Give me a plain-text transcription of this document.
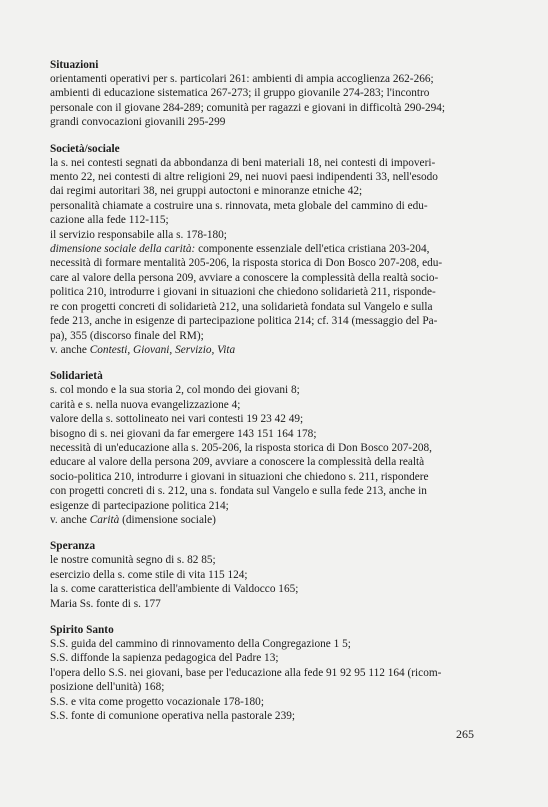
Situazioni
orientamenti operativi per s. particolari 261: ambienti di ampia accoglienza 262-266;
ambienti di educazione sistematica 267-273; il gruppo giovanile 274-283; l'incontro
personale con il giovane 284-289; comunità per ragazzi e giovani in difficoltà 290-294;
grandi convocazioni giovanili 295-299
Società/sociale
la s. nei contesti segnati da abbondanza di beni materiali 18, nei contesti di impoveri-
mento 22, nei contesti di altre religioni 29, nei nuovi paesi indipendenti 33, nell'esodo
dai regimi autoritari 38, nei gruppi autoctoni e minoranze etniche 42;
personalità chiamate a costruire una s. rinnovata, meta globale del cammino di edu-
cazione alla fede 112-115;
il servizio responsabile alla s. 178-180;
dimensione sociale della carità: componente essenziale dell'etica cristiana 203-204,
necessità di formare mentalità 205-206, la risposta storica di Don Bosco 207-208, edu-
care al valore della persona 209, avviare a conoscere la complessità della realtà socio-
politica 210, introdurre i giovani in situazioni che chiedono solidarietà 211, risponde-
re con progetti concreti di solidarietà 212, una solidarietà fondata sul Vangelo e sulla
fede 213, anche in esigenze di partecipazione politica 214; cf. 314 (messaggio del Pa-
pa), 355 (discorso finale del RM);
v. anche Contesti, Giovani, Servizio, Vita
Solidarietà
s. col mondo e la sua storia 2, col mondo dei giovani 8;
carità e s. nella nuova evangelizzazione 4;
valore della s. sottolineato nei vari contesti 19 23 42 49;
bisogno di s. nei giovani da far emergere 143 151 164 178;
necessità di un'educazione alla s. 205-206, la risposta storica di Don Bosco 207-208,
educare al valore della persona 209, avviare a conoscere la complessità della realtà
socio-politica 210, introdurre i giovani in situazioni che chiedono s. 211, rispondere
con progetti concreti di s. 212, una s. fondata sul Vangelo e sulla fede 213, anche in
esigenze di partecipazione politica 214;
v. anche Carità (dimensione sociale)
Speranza
le nostre comunità segno di s. 82 85;
esercizio della s. come stile di vita 115 124;
la s. come caratteristica dell'ambiente di Valdocco 165;
Maria Ss. fonte di s. 177
Spirito Santo
S.S. guida del cammino di rinnovamento della Congregazione 1 5;
S.S. diffonde la sapienza pedagogica del Padre 13;
l'opera dello S.S. nei giovani, base per l'educazione alla fede 91 92 95 112 164 (ricom-
posizione dell'unità) 168;
S.S. e vita come progetto vocazionale 178-180;
S.S. fonte di comunione operativa nella pastorale 239;
265
